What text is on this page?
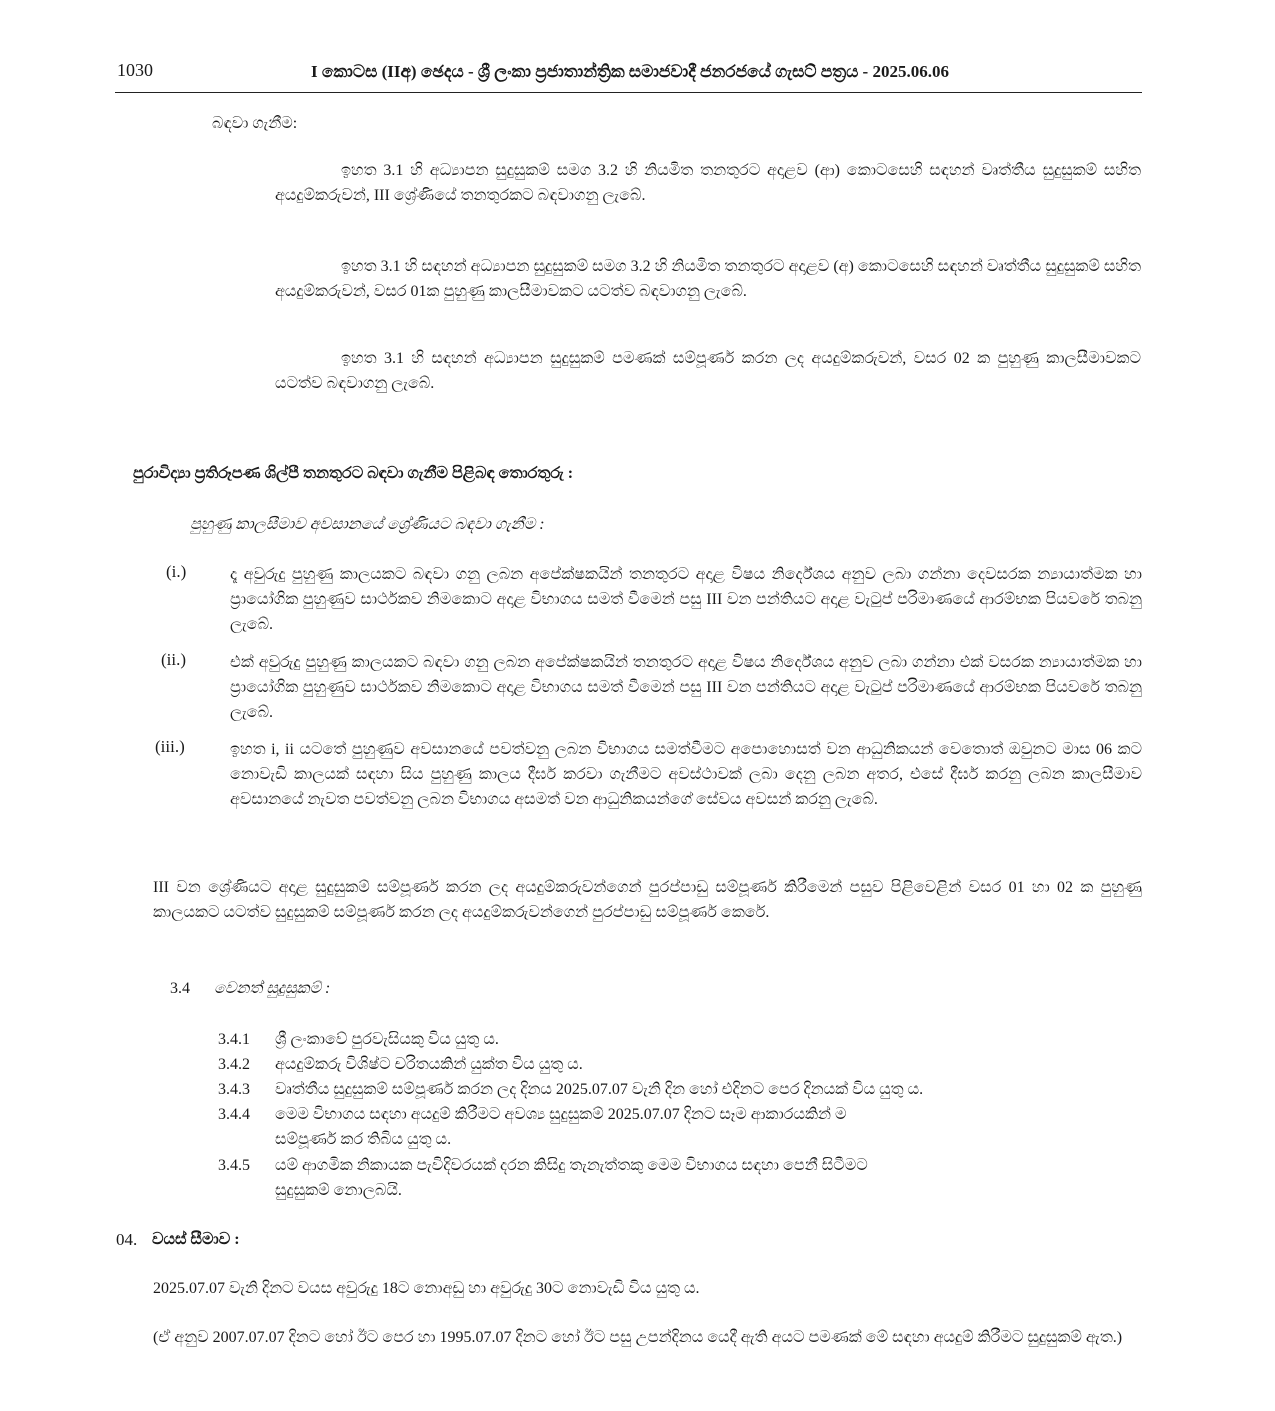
1030	I කොටස (IIඅ) ඡෙදය - ශ්‍රී ලංකා ප්‍රජාතාන්ත්‍රික සමාජවාදී ජනරජයේ ගැසට් පත්‍රය - 2025.06.06
බඳවා ගැනීම:
ඉහත 3.1 හි අධ්‍යාපන සුදුසුකම් සමග 3.2 හි නියමිත තනතුරට අදාළව (ආ) කොටසෙහි සඳහන් වෘත්තීය සුදුසුකම් සහිත අයදුම්කරුවන්, III ශ්‍රේණියේ තනතුරකට බඳවාගනු ලැබේ.
ඉහත 3.1 හි සඳහන් අධ්‍යාපන සුදුසුකම් සමග 3.2 හි නියමිත තනතුරට අදාළව (අ) කොටසෙහි සඳහන් වෘත්තීය සුදුසුකම් සහිත අයදුම්කරුවන්, වසර 01ක පුහුණු කාලසීමාවකට යටත්ව බඳවාගනු ලැබේ.
ඉහත 3.1 හි සඳහන් අධ්‍යාපන සුදුසුකම් පමණක් සම්පූර්ණ කරන ලද අයදුම්කරුවන්, වසර 02 ක පුහුණු කාලසීමාවකට යටත්ව බඳවාගනු ලැබේ.
පුරාවිද්‍යා ප්‍රතිරූපණ ශිල්පී තනතුරට බඳවා ගැනීම පිළිබඳ තොරතුරු :
පුහුණු කාලසීමාව අවසානයේ ශ්‍රේණියට බඳවා ගැනීම :
(i.)	දෑ අවුරුදු පුහුණු කාලයකට බඳවා ගනු ලබන අපේක්ෂකයින් තනතුරට අදාළ විෂය නිර්දේශය අනුව ලබා ගන්නා දෙවසරක න්‍යායාත්මක හා ප්‍රායෝගික පුහුණුව සාර්ථකව නිමකොට අදාළ විභාගය සමත් වීමෙන් පසු III වන පන්තියට අදාළ වැටුප් පරිමාණයේ ආරම්භක පියවරේ තබනු ලැබේ.
(ii.)	එක් අවුරුදු පුහුණු කාලයකට බඳවා ගනු ලබන අපේක්ෂකයින් තනතුරට අදාළ විෂය නිර්දේශය අනුව ලබා ගන්නා එක් වසරක න්‍යායාත්මක හා ප්‍රායෝගික පුහුණුව සාර්ථකව නිමකොට අදාළ විභාගය සමත් වීමෙන් පසු III වන පන්තියට අදාළ වැටුප් පරිමාණයේ ආරම්භක පියවරේ තබනු ලැබේ.
(iii.)	ඉහත i, ii යටතේ පුහුණුව අවසානයේ පවත්වනු ලබන විභාගය සමත්වීමට අපොහොසත් වන ආධුනිකයන් වෙතොත් ඔවුනට මාස 06 කට නොවැඩි කාලයක් සඳහා සිය පුහුණු කාලය දීර්ඝ කරවා ගැනීමට අවස්ථාවක් ලබා දෙනු ලබන අතර, එසේ දීර්ඝ කරනු ලබන කාලසීමාව අවසානයේ නැවත පවත්වනු ලබන විභාගය අසමත් වන ආධුනිකයන්ගේ සේවය අවසන් කරනු ලැබේ.
III වන ශ්‍රේණියට අදාළ සුදුසුකම් සම්පූර්ණ කරන ලද අයදුම්කරුවන්ගෙන් පුරප්පාඩු සම්පූර්ණ කිරීමෙන් පසුව පිළිවෙළින් වසර 01 හා 02 ක පුහුණු කාලයකට යටත්ව සුදුසුකම් සම්පූර්ණ කරන ලද අයදුම්කරුවන්ගෙන් පුරප්පාඩු සම්පූර්ණ කෙරේ.
3.4 වෙනත් සුදුසුකම් :
3.4.1 ශ්‍රී ලංකාවේ පුරවැසියකු විය යුතු ය.
3.4.2 අයදුම්කරු විශිෂ්ට චරිතයකින් යුක්ත විය යුතු ය.
3.4.3 වෘත්තීය සුදුසුකම් සම්පූර්ණ කරන ලද දිනය 2025.07.07 වැනි දින හෝ එදිනට පෙර දිනයක් විය යුතු ය.
3.4.4 මෙම විභාගය සඳහා අයදුම් කිරීමට අවශ්‍ය සුදුසුකම් 2025.07.07 දිනට සෑම ආකාරයකින් ම
සම්පූර්ණ කර තිබිය යුතු ය.
3.4.5 යම් ආගමික නිකායක පැවිදිවරයක් දරන කිසිදු තැනැත්තකු මෙම විභාගය සඳහා පෙනී සිටීමට
සුදුසුකම් නොලබයි.
04. වයස් සීමාව :
2025.07.07 වැනි දිනට වයස අවුරුදු 18ට නොඅඩු හා අවුරුදු 30ට නොවැඩි විය යුතු ය.
(ඒ අනුව 2007.07.07 දිනට හෝ ඊට පෙර හා 1995.07.07 දිනට හෝ ඊට පසු උපන්දිනය යෙදී ඇති අයට පමණක් මේ සඳහා අයදුම් කිරීමට සුදුසුකම් ඇත.)
